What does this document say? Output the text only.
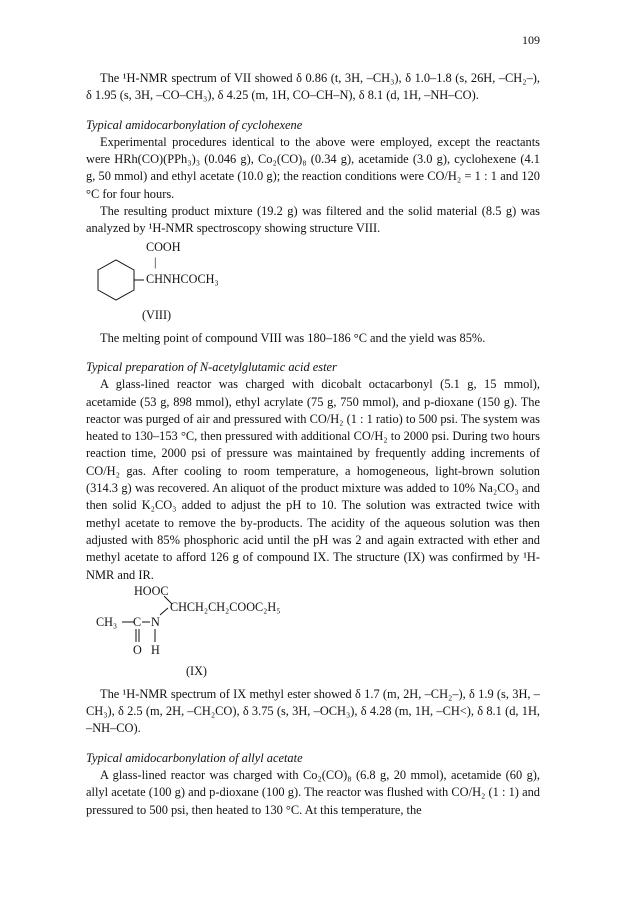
109

The ¹H-NMR spectrum of VII showed δ 0.86 (t, 3H, –CH₃), δ 1.0–1.8 (s, 26H, –CH₂–), δ 1.95 (s, 3H, –CO–CH₃), δ 4.25 (m, 1H, CO–CH–N), δ 8.1 (d, 1H, –NH–CO).

Typical amidocarbonylation of cyclohexene

Experimental procedures identical to the above were employed, except the reactants were HRh(CO)(PPh₃)₃ (0.046 g), Co₂(CO)₈ (0.34 g), acetamide (3.0 g), cyclohexene (4.1 g, 50 mmol) and ethyl acetate (10.0 g); the reaction conditions were CO/H₂ = 1 : 1 and 120 °C for four hours.

The resulting product mixture (19.2 g) was filtered and the solid material (8.5 g) was analyzed by ¹H-NMR spectroscopy showing structure VIII.

COOH
|
CHNHCOCH₃
(VIII)

The melting point of compound VIII was 180–186 °C and the yield was 85%.

Typical preparation of N-acetylglutamic acid ester

A glass-lined reactor was charged with dicobalt octacarbonyl (5.1 g, 15 mmol), acetamide (53 g, 898 mmol), ethyl acrylate (75 g, 750 mmol), and p-dioxane (150 g). The reactor was purged of air and pressured with CO/H₂ (1 : 1 ratio) to 500 psi. The system was heated to 130–153 °C, then pressured with additional CO/H₂ to 2000 psi. During two hours reaction time, 2000 psi of pressure was maintained by frequently adding increments of CO/H₂ gas. After cooling to room temperature, a homogeneous, light-brown solution (314.3 g) was recovered. An aliquot of the product mixture was added to 10% Na₂CO₃ and then solid K₂CO₃ added to adjust the pH to 10. The solution was extracted twice with methyl acetate to remove the by-products. The acidity of the aqueous solution was then adjusted with 85% phosphoric acid until the pH was 2 and again extracted with ether and methyl acetate to afford 126 g of compound IX. The structure (IX) was confirmed by ¹H-NMR and IR.

HOOC
CHCH₂CH₂COOC₂H₅
CH₃ C N
O H
(IX)

The ¹H-NMR spectrum of IX methyl ester showed δ 1.7 (m, 2H, –CH₂–), δ 1.9 (s, 3H, –CH₃), δ 2.5 (m, 2H, –CH₂CO), δ 3.75 (s, 3H, –OCH₃), δ 4.28 (m, 1H, –CH<), δ 8.1 (d, 1H, –NH–CO).

Typical amidocarbonylation of allyl acetate

A glass-lined reactor was charged with Co₂(CO)₈ (6.8 g, 20 mmol), acetamide (60 g), allyl acetate (100 g) and p-dioxane (100 g). The reactor was flushed with CO/H₂ (1 : 1) and pressured to 500 psi, then heated to 130 °C. At this temperature, the
